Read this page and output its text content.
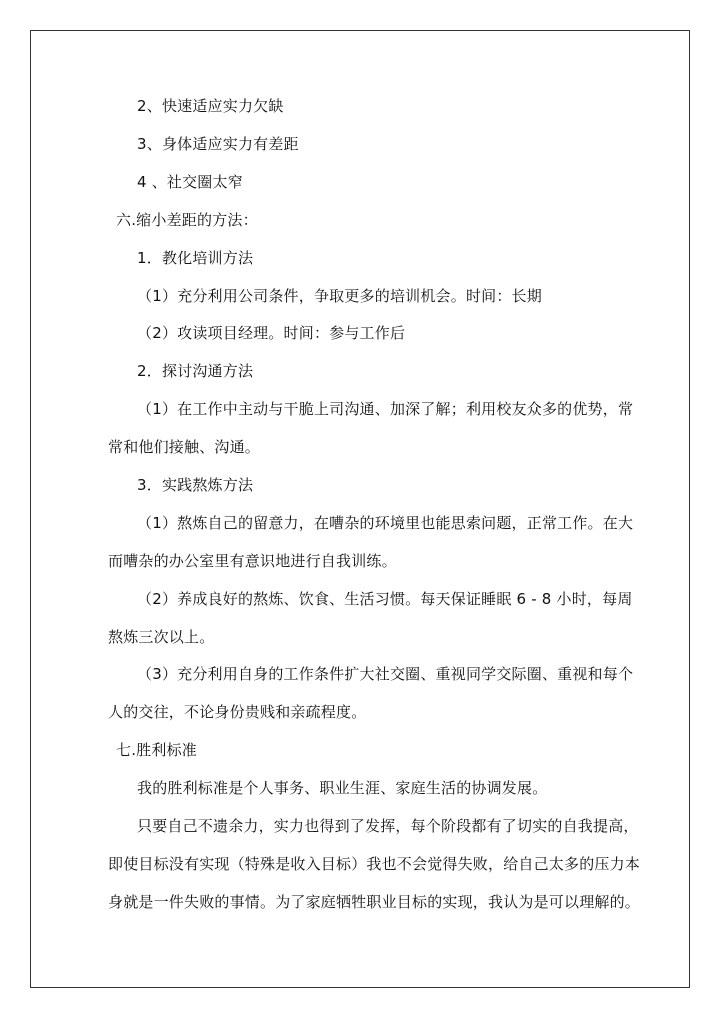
2、快速适应实力欠缺
3、身体适应实力有差距
4 、社交圈太窄
六.缩小差距的方法：
1．教化培训方法
（1）充分利用公司条件，争取更多的培训机会。时间：长期
（2）攻读项目经理。时间：参与工作后
2．探讨沟通方法
（1）在工作中主动与干脆上司沟通、加深了解；利用校友众多的优势，常
常和他们接触、沟通。
3．实践熬炼方法
（1）熬炼自己的留意力，在嘈杂的环境里也能思索问题，正常工作。在大
而嘈杂的办公室里有意识地进行自我训练。
（2）养成良好的熬炼、饮食、生活习惯。每天保证睡眠 6 - 8 小时，每周
熬炼三次以上。
（3）充分利用自身的工作条件扩大社交圈、重视同学交际圈、重视和每个
人的交往，不论身份贵贱和亲疏程度。
七.胜利标准
我的胜利标准是个人事务、职业生涯、家庭生活的协调发展。
只要自己不遗余力，实力也得到了发挥，每个阶段都有了切实的自我提高，
即使目标没有实现（特殊是收入目标）我也不会觉得失败，给自己太多的压力本
身就是一件失败的事情。为了家庭牺牲职业目标的实现，我认为是可以理解的。
